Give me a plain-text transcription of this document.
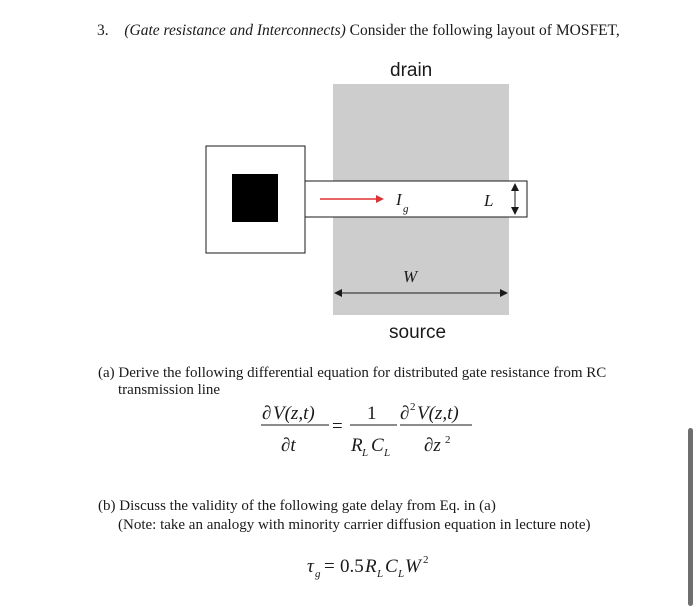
3. (Gate resistance and Interconnects) Consider the following layout of MOSFET,
drain
source
I g	L
W
(a) Derive the following differential equation for distributed gate resistance from RC
transmission line
∂ V(z,t)
∂t
=
1
R L C L
∂ 2 V(z,t)
∂z 2
(b) Discuss the validity of the following gate delay from Eq. in (a)
(Note: take an analogy with minority carrier diffusion equation in lecture note)
τ g = 0.5 R L C L W 2
